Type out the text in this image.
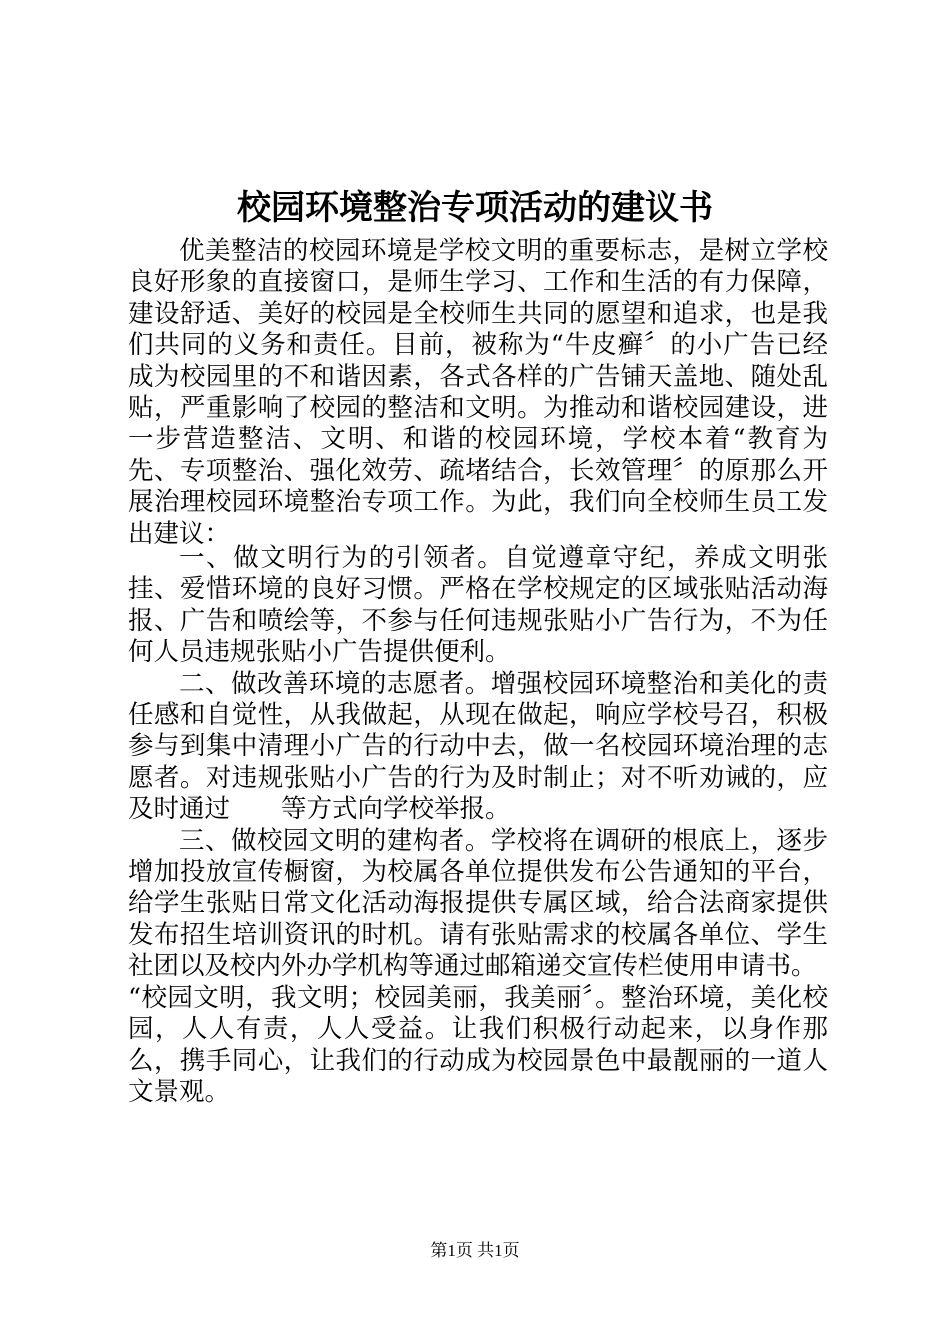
校园环境整治专项活动的建议书

优美整洁的校园环境是学校文明的重要标志，是树立学校良好形象的直接窗口，是师生学习、工作和生活的有力保障，建设舒适、美好的校园是全校师生共同的愿望和追求，也是我们共同的义务和责任。目前，被称为“牛皮癣〞的小广告已经成为校园里的不和谐因素，各式各样的广告铺天盖地、随处乱贴，严重影响了校园的整洁和文明。为推动和谐校园建设，进一步营造整洁、文明、和谐的校园环境，学校本着“教育为先、专项整治、强化效劳、疏堵结合，长效管理〞的原那么开展治理校园环境整治专项工作。为此，我们向全校师生员工发出建议：

一、做文明行为的引领者。自觉遵章守纪，养成文明张挂、爱惜环境的良好习惯。严格在学校规定的区域张贴活动海报、广告和喷绘等，不参与任何违规张贴小广告行为，不为任何人员违规张贴小广告提供便利。

二、做改善环境的志愿者。增强校园环境整治和美化的责任感和自觉性，从我做起，从现在做起，响应学校号召，积极参与到集中清理小广告的行动中去，做一名校园环境治理的志愿者。对违规张贴小广告的行为及时制止；对不听劝诫的，应及时通过　　等方式向学校举报。

三、做校园文明的建构者。学校将在调研的根底上，逐步增加投放宣传橱窗，为校属各单位提供发布公告通知的平台，给学生张贴日常文化活动海报提供专属区域，给合法商家提供发布招生培训资讯的时机。请有张贴需求的校属各单位、学生社团以及校内外办学机构等通过邮箱递交宣传栏使用申请书。

“校园文明，我文明；校园美丽，我美丽〞。整治环境，美化校园，人人有责，人人受益。让我们积极行动起来，以身作那么，携手同心，让我们的行动成为校园景色中最靓丽的一道人文景观。
第1页 共1页
